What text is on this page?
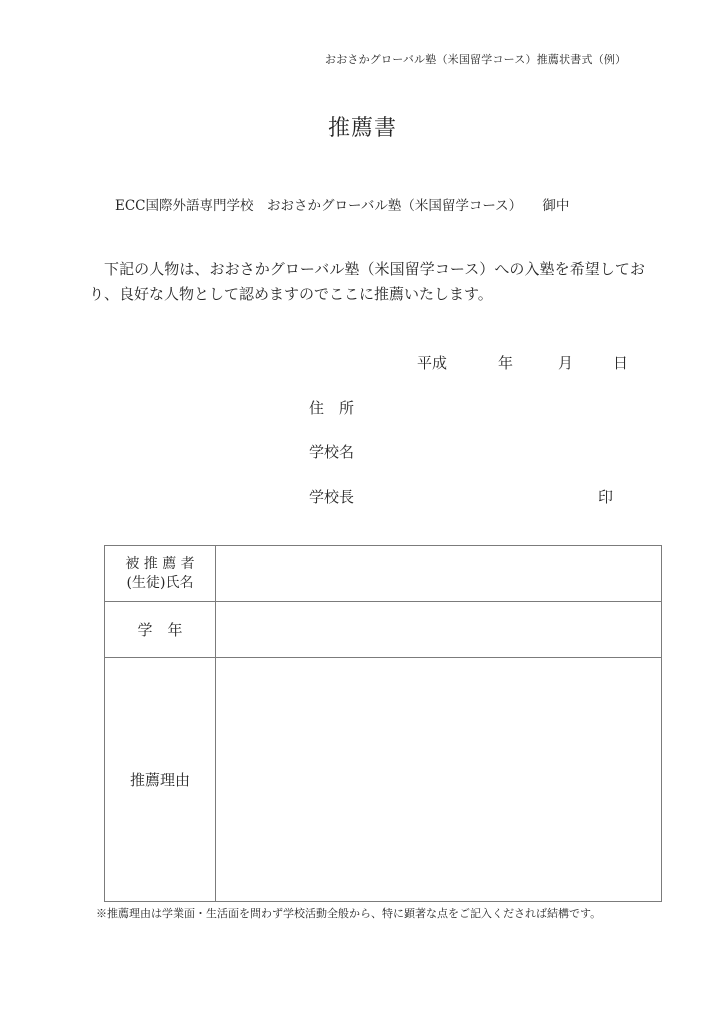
おおさかグローバル塾（米国留学コース）推薦状書式（例）
推薦書
ECC国際外語専門学校　おおさかグローバル塾（米国留学コース）　　御中
下記の人物は、おおさかグローバル塾（米国留学コース）への入塾を希望しており、良好な人物として認めますのでここに推薦いたします。
平成	年	月	日
住　所
学校名
学校長	印
被 推 薦 者
(生徒)氏名
学　年
推薦理由
※推薦理由は学業面・生活面を問わず学校活動全般から、特に顕著な点をご記入くだされば結構です。
